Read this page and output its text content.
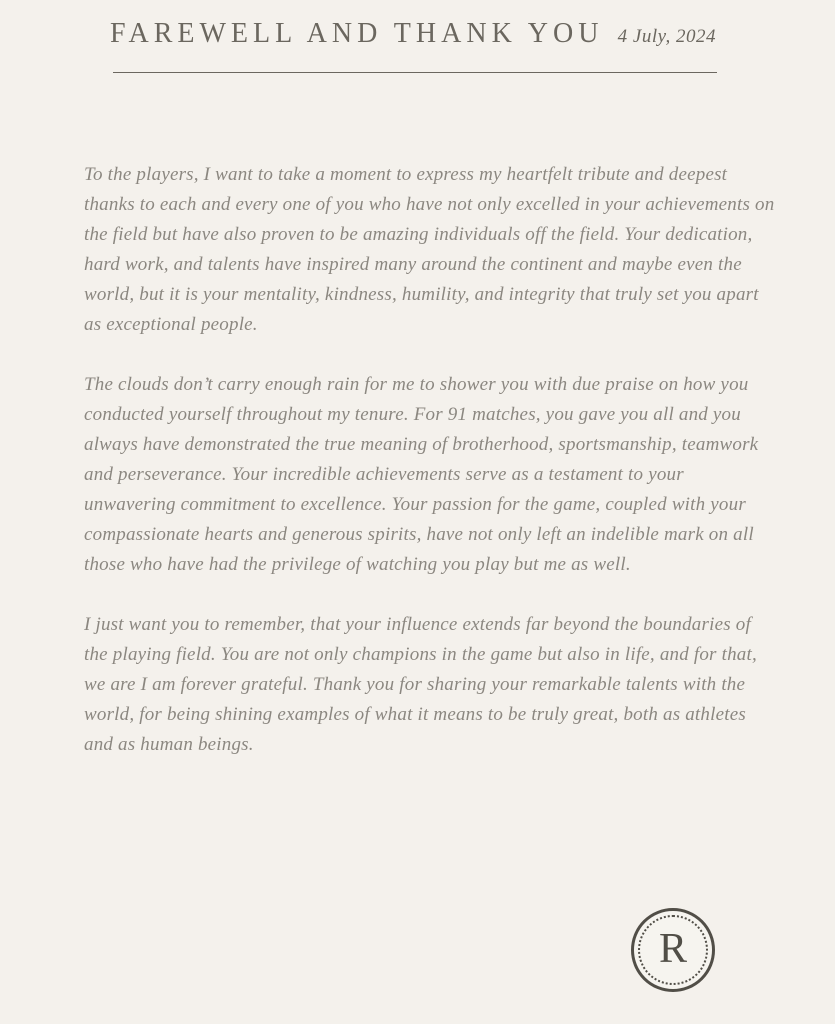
FAREWELL AND THANK YOU 4 July, 2024

To the players, I want to take a moment to express my heartfelt tribute and deepest thanks to each and every one of you who have not only excelled in your achievements on the field but have also proven to be amazing individuals off the field. Your dedication, hard work, and talents have inspired many around the continent and maybe even the world, but it is your mentality, kindness, humility, and integrity that truly set you apart as exceptional people.

The clouds don’t carry enough rain for me to shower you with due praise on how you conducted yourself throughout my tenure. For 91 matches, you gave you all and you always have demonstrated the true meaning of brotherhood, sportsmanship, teamwork and perseverance. Your incredible achievements serve as a testament to your unwavering commitment to excellence. Your passion for the game, coupled with your compassionate hearts and generous spirits, have not only left an indelible mark on all those who have had the privilege of watching you play but me as well.

I just want you to remember, that your influence extends far beyond the boundaries of the playing field. You are not only champions in the game but also in life, and for that, we are I am forever grateful. Thank you for sharing your remarkable talents with the world, for being shining examples of what it means to be truly great, both as athletes and as human beings.

R
